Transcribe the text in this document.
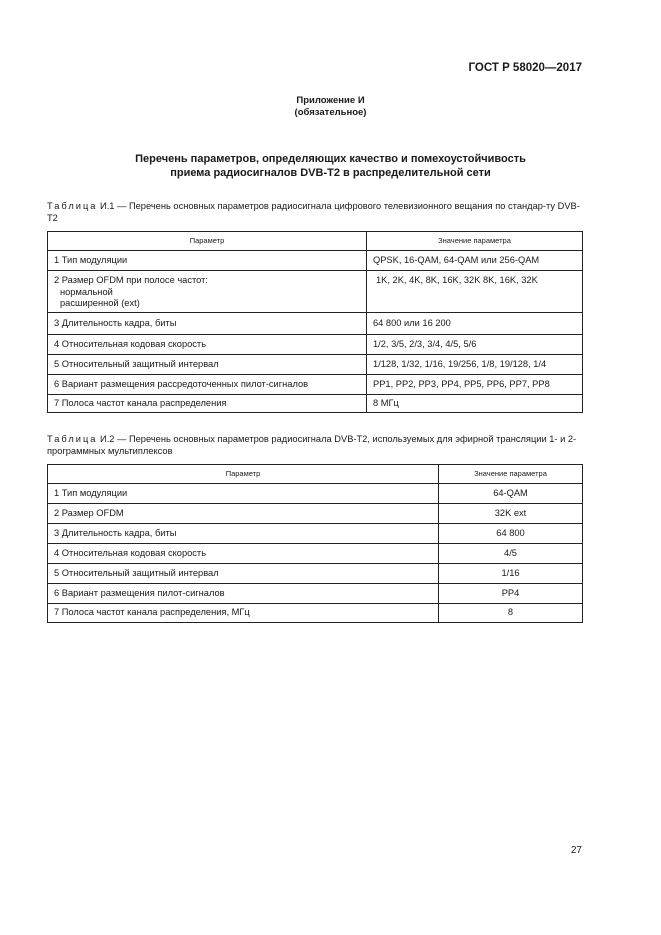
ГОСТ Р 58020—2017
Приложение И
(обязательное)
Перечень параметров, определяющих качество и помехоустойчивость
приема радиосигналов DVB-T2 в распределительной сети
Таблица И.1 — Перечень основных параметров радиосигнала цифрового телевизионного вещания по стандар-ту DVB-T2
Параметр	Значение параметра
1 Тип модуляции	QPSK, 16-QAM, 64-QAM или 256-QAM

2 Размер OFDM при полосе частот:
нормальной
расширенной (ext)	1K, 2K, 4K, 8K, 16K, 32K 8K, 16K, 32K
3 Длительность кадра, биты	64 800 или 16 200
4 Относительная кодовая скорость	1/2, 3/5, 2/3, 3/4, 4/5, 5/6
5 Относительный защитный интервал	1/128, 1/32, 1/16, 19/256, 1/8, 19/128, 1/4
6 Вариант размещения рассредоточенных пилот-сигналов	PP1, PP2, PP3, PP4, PP5, PP6, PP7, PP8
7 Полоса частот канала распределения	8 МГц
Таблица И.2 — Перечень основных параметров радиосигнала DVB-T2, используемых для эфирной трансляции 1- и 2-программных мультиплексов
Параметр	Значение параметра
1 Тип модуляции	64-QAM
2 Размер OFDM	32K ext
3 Длительность кадра, биты	64 800
4 Относительная кодовая скорость	4/5
5 Относительный защитный интервал	1/16
6 Вариант размещения пилот-сигналов	PP4
7 Полоса частот канала распределения, МГц	8
27
